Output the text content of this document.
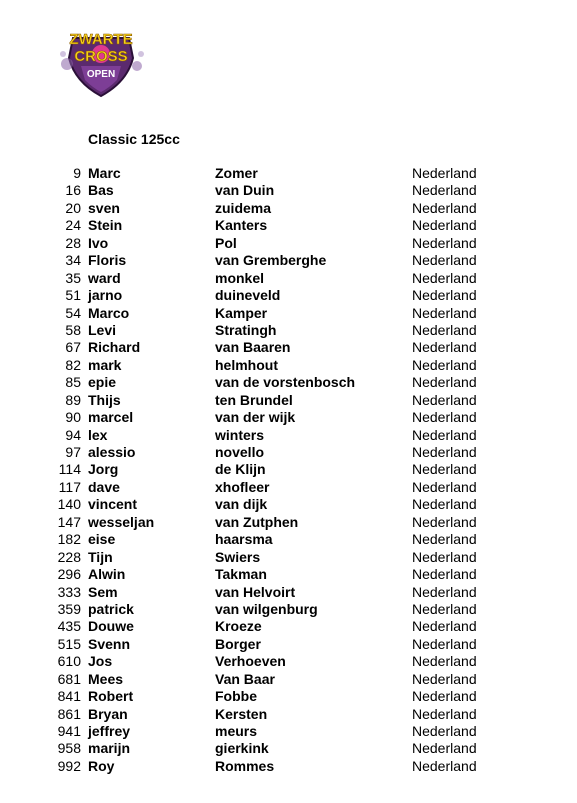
ZWARTE
CROSS
OPEN
Classic 125cc
9 Marc	Zomer	Nederland
16 Bas	van Duin	Nederland
20 sven	zuidema	Nederland
24 Stein	Kanters	Nederland
28 Ivo	Pol	Nederland
34 Floris	van Gremberghe	Nederland
35 ward	monkel	Nederland
51 jarno	duineveld	Nederland
54 Marco	Kamper	Nederland
58 Levi	Stratingh	Nederland
67 Richard	van Baaren	Nederland
82 mark	helmhout	Nederland
85 epie	van de vorstenbosch	Nederland
89 Thijs	ten Brundel	Nederland
90 marcel	van der wijk	Nederland
94 lex	winters	Nederland
97 alessio	novello	Nederland
114 Jorg	de Klijn	Nederland
117 dave	xhofleer	Nederland
140 vincent	van dijk	Nederland
147 wesseljan	van Zutphen	Nederland
182 eise	haarsma	Nederland
228 Tijn	Swiers	Nederland
296 Alwin	Takman	Nederland
333 Sem	van Helvoirt	Nederland
359 patrick	van wilgenburg	Nederland
435 Douwe	Kroeze	Nederland
515 Svenn	Borger	Nederland
610 Jos	Verhoeven	Nederland
681 Mees	Van Baar	Nederland
841 Robert	Fobbe	Nederland
861 Bryan	Kersten	Nederland
941 jeffrey	meurs	Nederland
958 marijn	gierkink	Nederland
992 Roy	Rommes	Nederland
